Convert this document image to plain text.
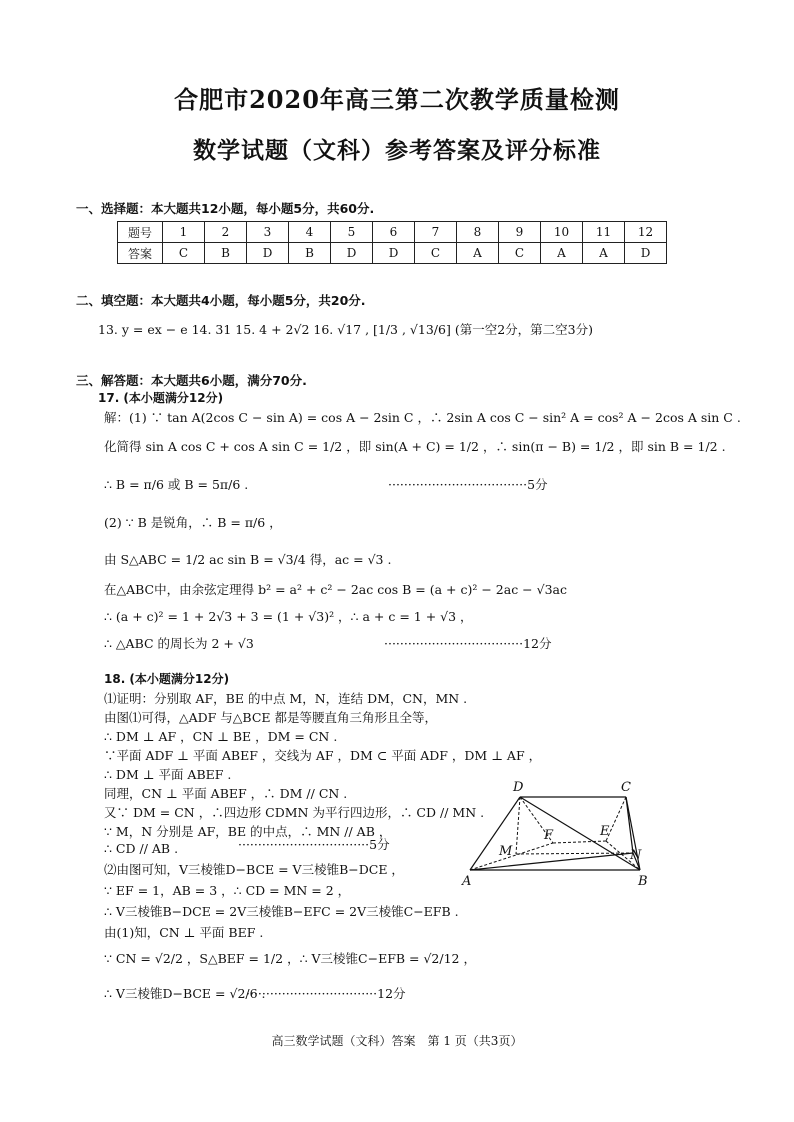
合肥市2020年高三第二次教学质量检测
数学试题（文科）参考答案及评分标准
一、选择题：本大题共12小题，每小题5分，共60分.
题号	1	2	3	4	5	6	7	8	9	10	11	12
答案	C	B	D	B	D	D	C	A	C	A	A	D
二、填空题：本大题共4小题，每小题5分，共20分.
13. y = ex − e 14. 31 15. 4 + 2√2 16. √17 , [1/3 , √13/6] (第一空2分，第二空3分)
三、解答题：本大题共6小题，满分70分.
17. (本小题满分12分)
解：(1) ∵ tan A(2cos C − sin A) = cos A − 2sin C ，∴ 2sin A cos C − sin² A = cos² A − 2cos A sin C .
化简得 sin A cos C + cos A sin C = 1/2 ，即 sin(A + C) = 1/2 ，∴ sin(π − B) = 1/2 ，即 sin B = 1/2 .
∴ B = π/6 或 B = 5π/6 .	···································5分
(2) ∵ B 是锐角，∴ B = π/6 ，
由 S△ABC = 1/2 ac sin B = √3/4 得，ac = √3 .
在△ABC中，由余弦定理得 b² = a² + c² − 2ac cos B = (a + c)² − 2ac − √3ac
∴ (a + c)² = 1 + 2√3 + 3 = (1 + √3)² ，∴ a + c = 1 + √3 ，
∴ △ABC 的周长为 2 + √3	···································12分
18. (本小题满分12分)
⑴证明：分别取 AF，BE 的中点 M，N，连结 DM，CN，MN .
由图⑴可得，△ADF 与△BCE 都是等腰直角三角形且全等，
∴ DM ⊥ AF ，CN ⊥ BE ，DM = CN .
∵平面 ADF ⊥ 平面 ABEF ，交线为 AF ，DM ⊂ 平面 ADF ，DM ⊥ AF ，
∴ DM ⊥ 平面 ABEF .
同理，CN ⊥ 平面 ABEF ，∴ DM // CN .
又∵ DM = CN ，∴四边形 CDMN 为平行四边形，∴ CD // MN .
∵ M，N 分别是 AF，BE 的中点，∴ MN // AB ，
∴ CD // AB .	·································5分
⑵由图可知，V三棱锥D−BCE = V三棱锥B−DCE ，
∵ EF = 1，AB = 3 ，∴ CD = MN = 2 ，
∴ V三棱锥B−DCE = 2V三棱锥B−EFC = 2V三棱锥C−EFB .
由(1)知，CN ⊥ 平面 BEF .
∵ CN = √2/2 ，S△BEF = 1/2 ，∴ V三棱锥C−EFB = √2/12 ，
∴ V三棱锥D−BCE = √2/6 .
·································12分
D	C
M
F	E
N
A	B
高三数学试题（文科）答案　第 1 页（共3页）
